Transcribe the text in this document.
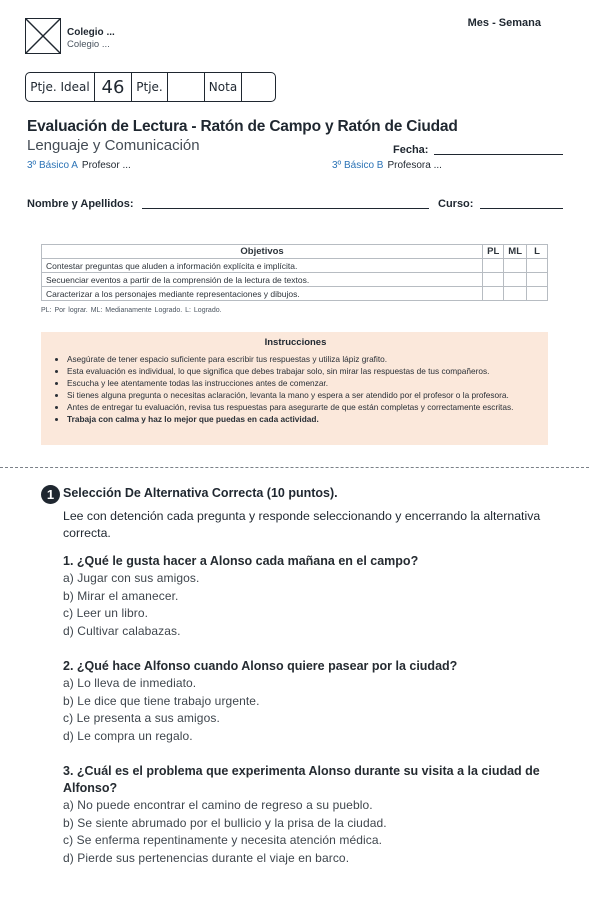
Colegio ...
Colegio ...
Mes - Semana
Ptje. Ideal 46 Ptje.	Nota
Evaluación de Lectura - Ratón de Campo y Ratón de Ciudad
Lenguaje y Comunicación	Fecha:
3º Básico A Profesor ...	3º Básico B Profesora ...
Nombre y Apellidos:	Curso:
Objetivos	PL	ML	L
Contestar preguntas que aluden a información explícita e implícita.			
Secuenciar eventos a partir de la comprensión de la lectura de textos.			
Caracterizar a los personajes mediante representaciones y dibujos.			
PL: Por lograr. ML: Medianamente Logrado. L: Logrado.
Instrucciones
• Asegúrate de tener espacio suficiente para escribir tus respuestas y utiliza lápiz grafito.
• Esta evaluación es individual, lo que significa que debes trabajar solo, sin mirar las respuestas de tus compañeros.
• Escucha y lee atentamente todas las instrucciones antes de comenzar.
• Si tienes alguna pregunta o necesitas aclaración, levanta la mano y espera a ser atendido por el profesor o la profesora.
• Antes de entregar tu evaluación, revisa tus respuestas para asegurarte de que están completas y correctamente escritas.
• Trabaja con calma y haz lo mejor que puedas en cada actividad.
1 Selección De Alternativa Correcta (10 puntos).
Lee con detención cada pregunta y responde seleccionando y encerrando la alternativa correcta.
1. ¿Qué le gusta hacer a Alonso cada mañana en el campo?
a) Jugar con sus amigos.
b) Mirar el amanecer.
c) Leer un libro.
d) Cultivar calabazas.
2. ¿Qué hace Alfonso cuando Alonso quiere pasear por la ciudad?
a) Lo lleva de inmediato.
b) Le dice que tiene trabajo urgente.
c) Le presenta a sus amigos.
d) Le compra un regalo.
3. ¿Cuál es el problema que experimenta Alonso durante su visita a la ciudad de Alfonso?
a) No puede encontrar el camino de regreso a su pueblo.
b) Se siente abrumado por el bullicio y la prisa de la ciudad.
c) Se enferma repentinamente y necesita atención médica.
d) Pierde sus pertenencias durante el viaje en barco.
